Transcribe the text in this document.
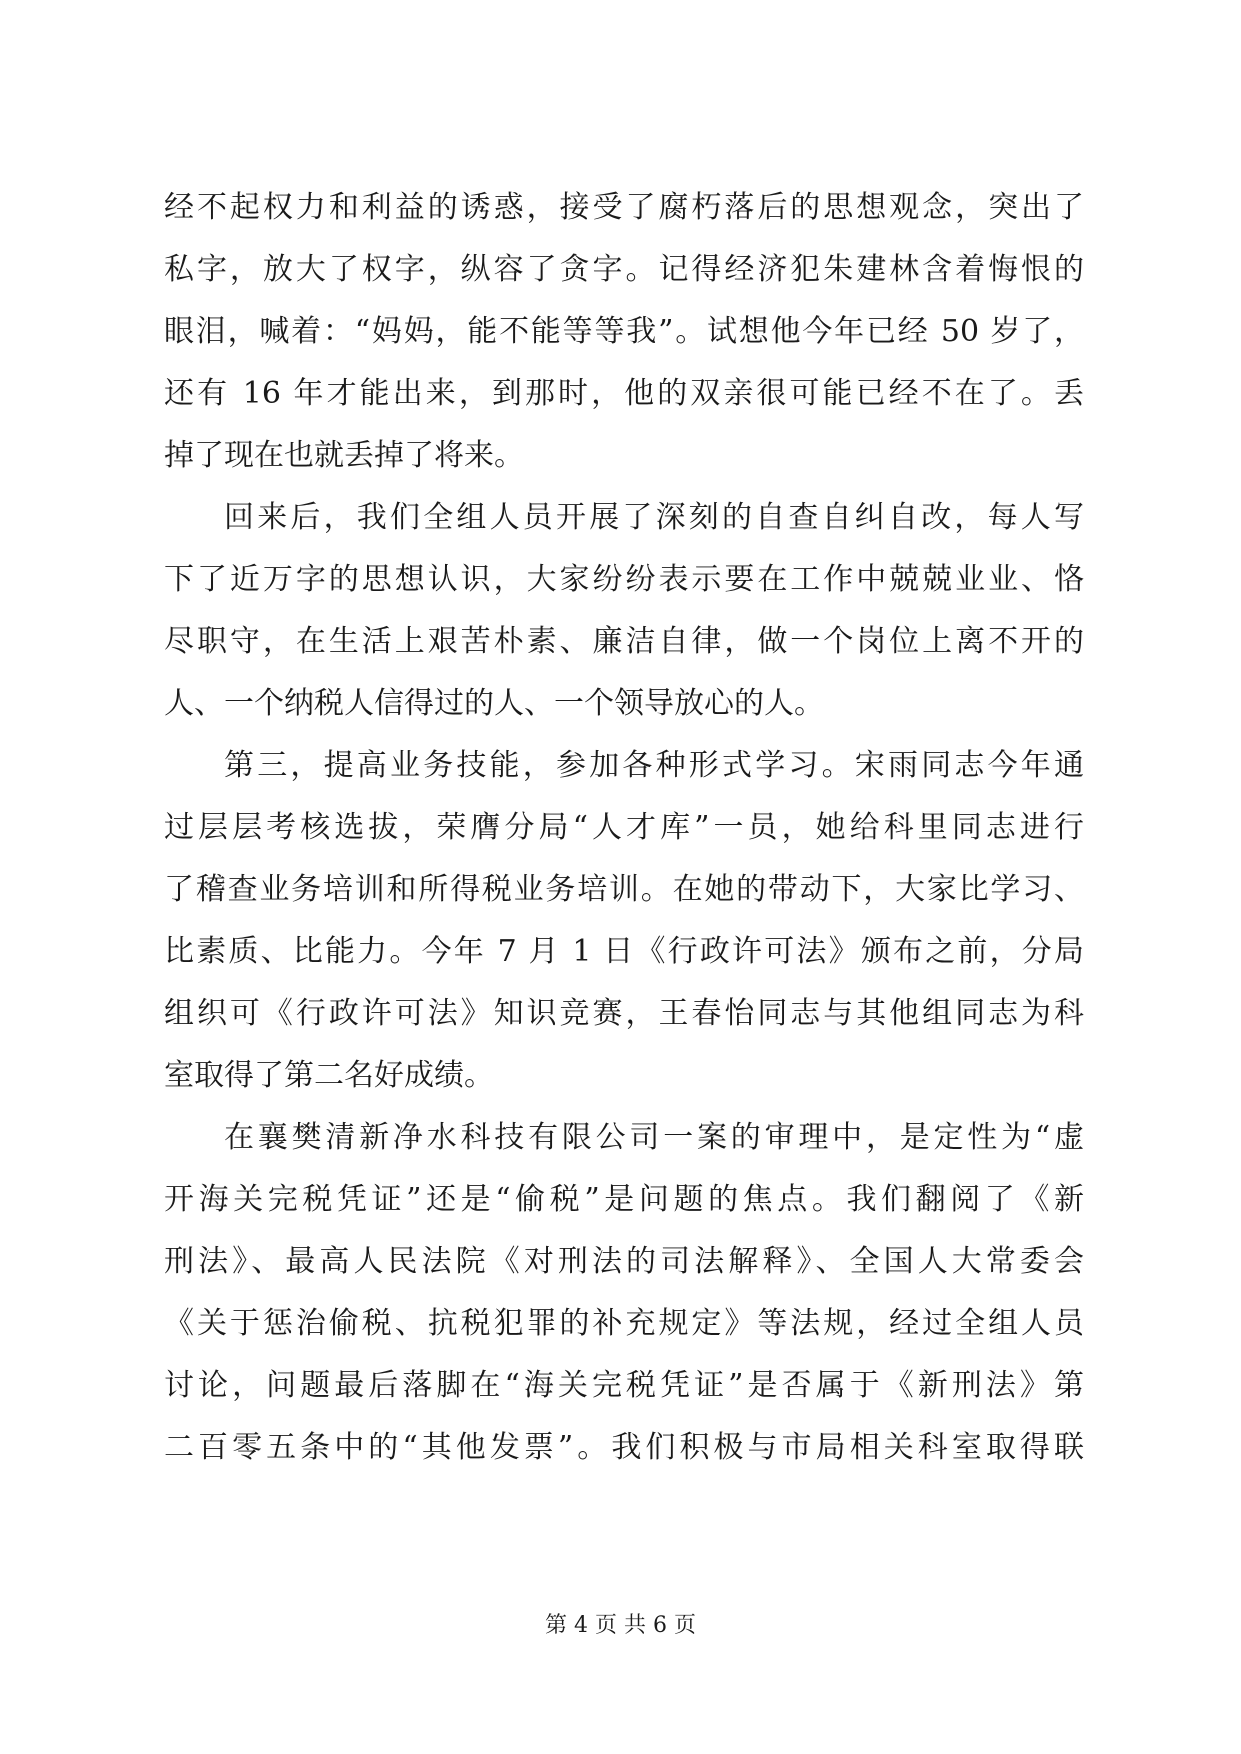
经不起权力和利益的诱惑，接受了腐朽落后的思想观念，突出了
私字，放大了权字，纵容了贪字。记得经济犯朱建林含着悔恨的
眼泪，喊着：“妈妈，能不能等等我”。试想他今年已经 50 岁了，
还有 16 年才能出来，到那时，他的双亲很可能已经不在了。丢
掉了现在也就丢掉了将来。
回来后，我们全组人员开展了深刻的自查自纠自改，每人写
下了近万字的思想认识，大家纷纷表示要在工作中兢兢业业、恪
尽职守，在生活上艰苦朴素、廉洁自律，做一个岗位上离不开的
人、一个纳税人信得过的人、一个领导放心的人。
第三，提高业务技能，参加各种形式学习。宋雨同志今年通
过层层考核选拔，荣膺分局“人才库”一员，她给科里同志进行
了稽查业务培训和所得税业务培训。在她的带动下，大家比学习、
比素质、比能力。今年 7 月 1 日《行政许可法》颁布之前，分局
组织可《行政许可法》知识竞赛，王春怡同志与其他组同志为科
室取得了第二名好成绩。
在襄樊清新净水科技有限公司一案的审理中，是定性为“虚
开海关完税凭证”还是“偷税”是问题的焦点。我们翻阅了《新
刑法》、最高人民法院《对刑法的司法解释》、全国人大常委会
《关于惩治偷税、抗税犯罪的补充规定》等法规，经过全组人员
讨论，问题最后落脚在“海关完税凭证”是否属于《新刑法》第
二百零五条中的“其他发票”。我们积极与市局相关科室取得联
第 4 页 共 6 页
